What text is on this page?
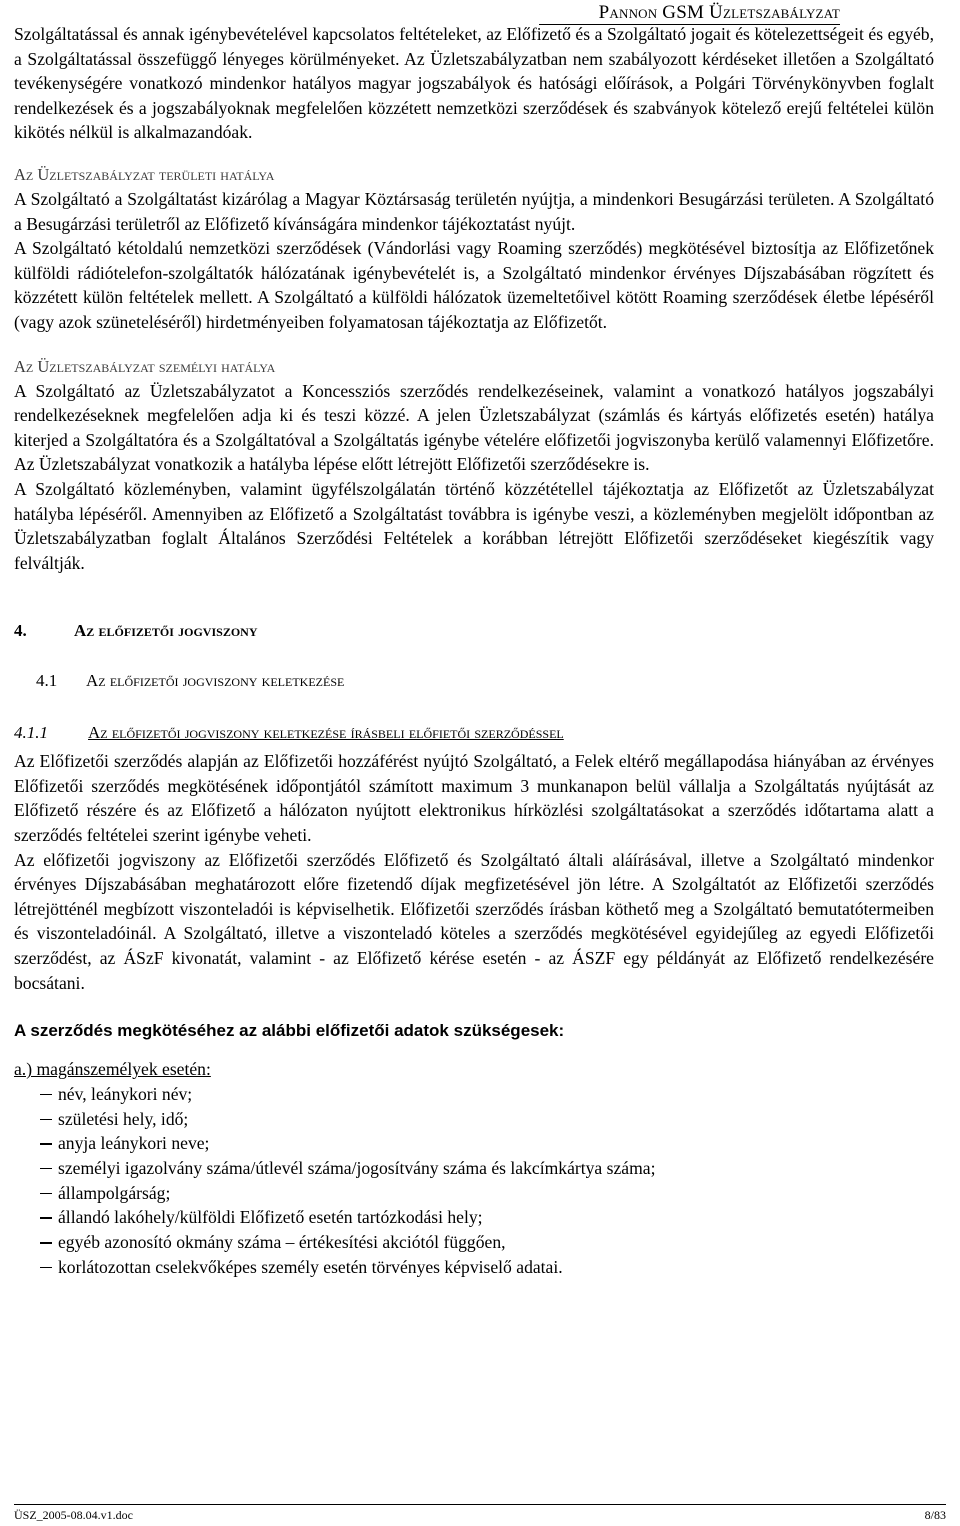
Pannon GSM Üzletszabályzat

Szolgáltatással és annak igénybevételével kapcsolatos feltételeket, az Előfizető és a Szolgáltató jogait és kötelezettségeit és egyéb, a Szolgáltatással összefüggő lényeges körülményeket. Az Üzletszabályzatban nem szabályozott kérdéseket illetően a Szolgáltató tevékenységére vonatkozó mindenkor hatályos magyar jogszabályok és hatósági előírások, a Polgári Törvénykönyvben foglalt rendelkezések és a jogszabályoknak megfelelően közzétett nemzetközi szerződések és szabványok kötelező erejű feltételei külön kikötés nélkül is alkalmazandóak.

Az Üzletszabályzat területi hatálya

A Szolgáltató a Szolgáltatást kizárólag a Magyar Köztársaság területén nyújtja, a mindenkori Besugárzási területen. A Szolgáltató a Besugárzási területről az Előfizető kívánságára mindenkor tájékoztatást nyújt.

A Szolgáltató kétoldalú nemzetközi szerződések (Vándorlási vagy Roaming szerződés) megkötésével biztosítja az Előfizetőnek külföldi rádiótelefon-szolgáltatók hálózatának igénybevételét is, a Szolgáltató mindenkor érvényes Díjszabásában rögzített és közzétett külön feltételek mellett. A Szolgáltató a külföldi hálózatok üzemeltetőivel kötött Roaming szerződések életbe lépéséről (vagy azok szüneteléséről) hirdetményeiben folyamatosan tájékoztatja az Előfizetőt.

Az Üzletszabályzat személyi hatálya

A Szolgáltató az Üzletszabályzatot a Koncessziós szerződés rendelkezéseinek, valamint a vonatkozó hatályos jogszabályi rendelkezéseknek megfelelően adja ki és teszi közzé. A jelen Üzletszabályzat (számlás és kártyás előfizetés esetén) hatálya kiterjed a Szolgáltatóra és a Szolgáltatóval a Szolgáltatás igénybe vételére előfizetői jogviszonyba kerülő valamennyi Előfizetőre. Az Üzletszabályzat vonatkozik a hatályba lépése előtt létrejött Előfizetői szerződésekre is.

A Szolgáltató közleményben, valamint ügyfélszolgálatán történő közzététellel tájékoztatja az Előfizetőt az Üzletszabályzat hatályba lépéséről. Amennyiben az Előfizető a Szolgáltatást továbbra is igénybe veszi, a közleményben megjelölt időpontban az Üzletszabályzatban foglalt Általános Szerződési Feltételek a korábban létrejött Előfizetői szerződéseket kiegészítik vagy felváltják.

4.	Az előfizetői jogviszony
4.1	Az előfizetői jogviszony keletkezése
4.1.1	Az előfizetői jogviszony keletkezése írásbeli előfietői szerződéssel

Az Előfizetői szerződés alapján az Előfizetői hozzáférést nyújtó Szolgáltató, a Felek eltérő megállapodása hiányában az érvényes Előfizetői szerződés megkötésének időpontjától számított maximum 3 munkanapon belül vállalja a Szolgáltatás nyújtását az Előfizető részére és az Előfizető a hálózaton nyújtott elektronikus hírközlési szolgáltatásokat a szerződés időtartama alatt a szerződés feltételei szerint igénybe veheti.

Az előfizetői jogviszony az Előfizetői szerződés Előfizető és Szolgáltató általi aláírásával, illetve a Szolgáltató mindenkor érvényes Díjszabásában meghatározott előre fizetendő díjak megfizetésével jön létre. A Szolgáltatót az Előfizetői szerződés létrejötténél megbízott viszonteladói is képviselhetik. Előfizetői szerződés írásban köthető meg a Szolgáltató bemutatótermeiben és viszonteladóinál. A Szolgáltató, illetve a viszonteladó köteles a szerződés megkötésével egyidejűleg az egyedi Előfizetői szerződést, az ÁSzF kivonatát, valamint - az Előfizető kérése esetén - az ÁSZF egy példányát az Előfizető rendelkezésére bocsátani.

A szerződés megkötéséhez az alábbi előfizetői adatok szükségesek:
a.) magánszemélyek esetén:
név, leánykori név;
születési hely, idő;
anyja leánykori neve;
személyi igazolvány száma/útlevél száma/jogosítvány száma és lakcímkártya száma;
állampolgárság;
állandó lakóhely/külföldi Előfizető esetén tartózkodási hely;
egyéb azonosító okmány száma – értékesítési akciótól függően,
korlátozottan cselekvőképes személy esetén törvényes képviselő adatai.
ÜSZ_2005-08.04.v1.doc	8/83
